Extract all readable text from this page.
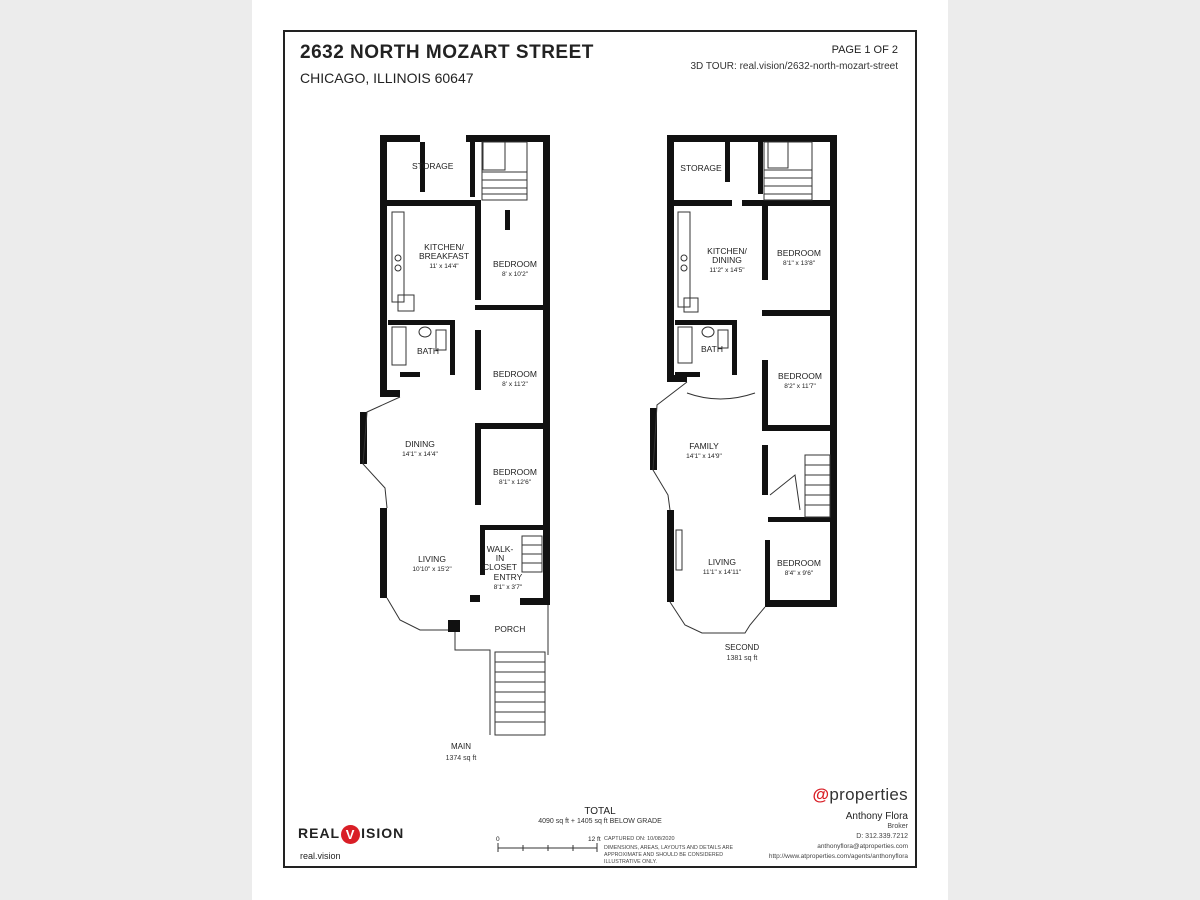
2632 NORTH MOZART STREET
CHICAGO, ILLINOIS 60647
PAGE 1 OF 2
3D TOUR: real.vision/2632-north-mozart-street
STORAGE
KITCHEN/
BREAKFAST
11' x 14'4"	BEDROOM
8' x 10'2"
BATH
BEDROOM
8' x 11'2"
DINING
14'1" x 14'4"
BEDROOM
8'1" x 12'6"
LIVING
10'10" x 15'2"
WALK-
IN
CLOSET
ENTRY
8'1" x 3'7"
PORCH
STORAGE
KITCHEN/
DINING
11'2" x 14'5"
BEDROOM
8'1" x 13'8"
BATH
BEDROOM
8'2" x 11'7"
FAMILY
14'1" x 14'9"
LIVING
11'1" x 14'11"
BEDROOM
8'4" x 9'6"
0	12 ft
MAIN
1374 sq ft
SECOND
1381 sq ft
TOTAL
4090 sq ft + 1405 sq ft BELOW GRADE
CAPTURED ON: 10/08/2020
DIMENSIONS, AREAS, LAYOUTS AND DETAILS ARE APPROXIMATE AND SHOULD BE CONSIDERED ILLUSTRATIVE ONLY.
REAL V ISION
real.vision
@properties
Anthony Flora
Broker
D: 312.339.7212
anthonyflora@atproperties.com
http://www.atproperties.com/agents/anthonyflora
